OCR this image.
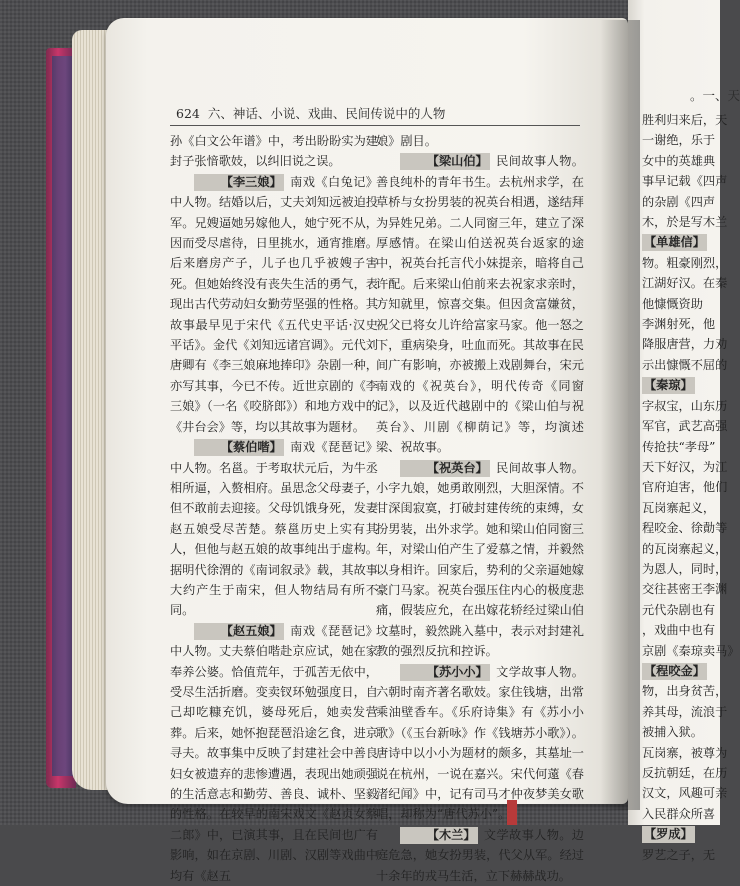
624 六、神话、小说、戏曲、民间传说中的人物

孙《白文公年谱》中，考出盼盼实为建封子张愔歌妓，以纠旧说之误。

【李三娘】 南戏《白兔记》中人物。结婚以后，丈夫刘知远被迫投军。兄嫂逼她另嫁他人，她宁死不从，因而受尽虐待，日里挑水，通宵推磨。后来磨房产子，儿子也几乎被嫂子害死。但她始终没有丧失生活的勇气，表现出古代劳动妇女勤劳坚强的性格。其故事最早见于宋代《五代史平话·汉史平话》。金代《刘知远诸宫调》。元代刘唐卿有《李三娘麻地捧印》杂剧一种，亦写其事，今已不传。近世京剧的《李三娘》（一名《咬脐郎》）和地方戏中的《井台会》等，均以其故事为题材。

【蔡伯喈】 南戏《琵琶记》中人物。名邕。于考取状元后，为牛丞相所逼，入赘相府。虽思念父母妻子，但不敢前去迎接。父母饥饿身死，发妻赵五娘受尽苦楚。蔡邕历史上实有其人，但他与赵五娘的故事纯出于虚构。据明代徐渭的《南词叙录》载，其故事大约产生于南宋，但人物结局有所不同。

【赵五娘】 南戏《琵琶记》中人物。丈夫蔡伯喈赴京应试，她在家奉养公婆。恰值荒年，于孤苦无依中，受尽生活折磨。变卖钗环勉强度日，自己却吃糠充饥，婆母死后，她卖发营葬。后来，她怀抱琵琶沿途乞食，进京寻夫。故事集中反映了封建社会中善良妇女被遗弃的悲惨遭遇，表现出她顽强的生活意志和勤劳、善良、诚朴、坚毅的性格。在较早的南宋戏文《赵贞女蔡二郎》中，已演其事，且在民间也广有影响，如在京剧、川剧、汉剧等戏曲中均有《赵五

娘》剧目。

【梁山伯】 民间故事人物。善良纯朴的青年书生。去杭州求学，在草桥与女扮男装的祝英台相遇，遂结拜为异姓兄弟。二人同窗三年，建立了深厚感情。在梁山伯送祝英台返家的途中，祝英台托言代小妹提亲，暗将自己许配。后来梁山伯前来去祝家求亲时，方知就里，惊喜交集。但因贪富嫌贫，祝父已将女儿许给富家马家。他一怒之下，重病染身，吐血而死。其故事在民间广有影响，亦被搬上戏剧舞台，宋元南戏的《祝英台》，明代传奇《同窗记》，以及近代越剧中的《梁山伯与祝英台》、川剧《柳荫记》等，均演述梁、祝故事。

【祝英台】 民间故事人物。小字九娘，她勇敢刚烈，大胆深情。不甘深闺寂寞，打破封建传统的束缚，女扮男装，出外求学。她和梁山伯同窗三年，对梁山伯产生了爱慕之情，并毅然以身相许。回家后，势利的父亲逼她嫁豪门马家。祝英台强压住内心的极度悲痛，假装应允，在出嫁花轿经过梁山伯坟墓时，毅然跳入墓中，表示对封建礼教的强烈反抗和控诉。

【苏小小】 文学故事人物。六朝时南齐著名歌妓。家住钱塘，出常乘油壁香车。《乐府诗集》有《苏小小歌》（《玉台新咏》作《钱塘苏小歌》）。唐诗中以小小为题材的颇多，其墓址一说在杭州，一说在嘉兴。宋代何薳《春渚纪闻》中，记有司马才仲夜梦美女歌唱，却称为“唐代苏小”。

【木兰】 文学故事人物。边庭危急，她女扮男装，代父从军。经过十余年的戎马生活，立下赫赫战功。

。一、天
胜利归来后，天
一谢绝，乐于
女中的英雄典
事早记载《四声
的杂剧《四声
木，於是写木兰
【单雄信】
物。粗豪刚烈，
江湖好汉。在秦
他慷慨资助
李渊射死，他
降服唐营，力劝
示出慷慨不屈的
【秦琼】
字叔宝，山东历
军官，武艺高强
传抢扶“孝母”
天下好汉，为江
官府迫害，他们
瓦岗寨起义，
程咬金、徐勣等
的瓦岗寨起义，
为恩人，同时，
交往甚密王李渊
元代杂剧也有
，戏曲中也有
京剧《秦琼卖马》
【程咬金】
物，出身贫苦，
养其母，流浪于
被捕入狱。
瓦岗寨，被尊为
反抗朝廷，在历
汉文，风趣可亲
入民群众所喜
【罗成】
罗艺之子，无
